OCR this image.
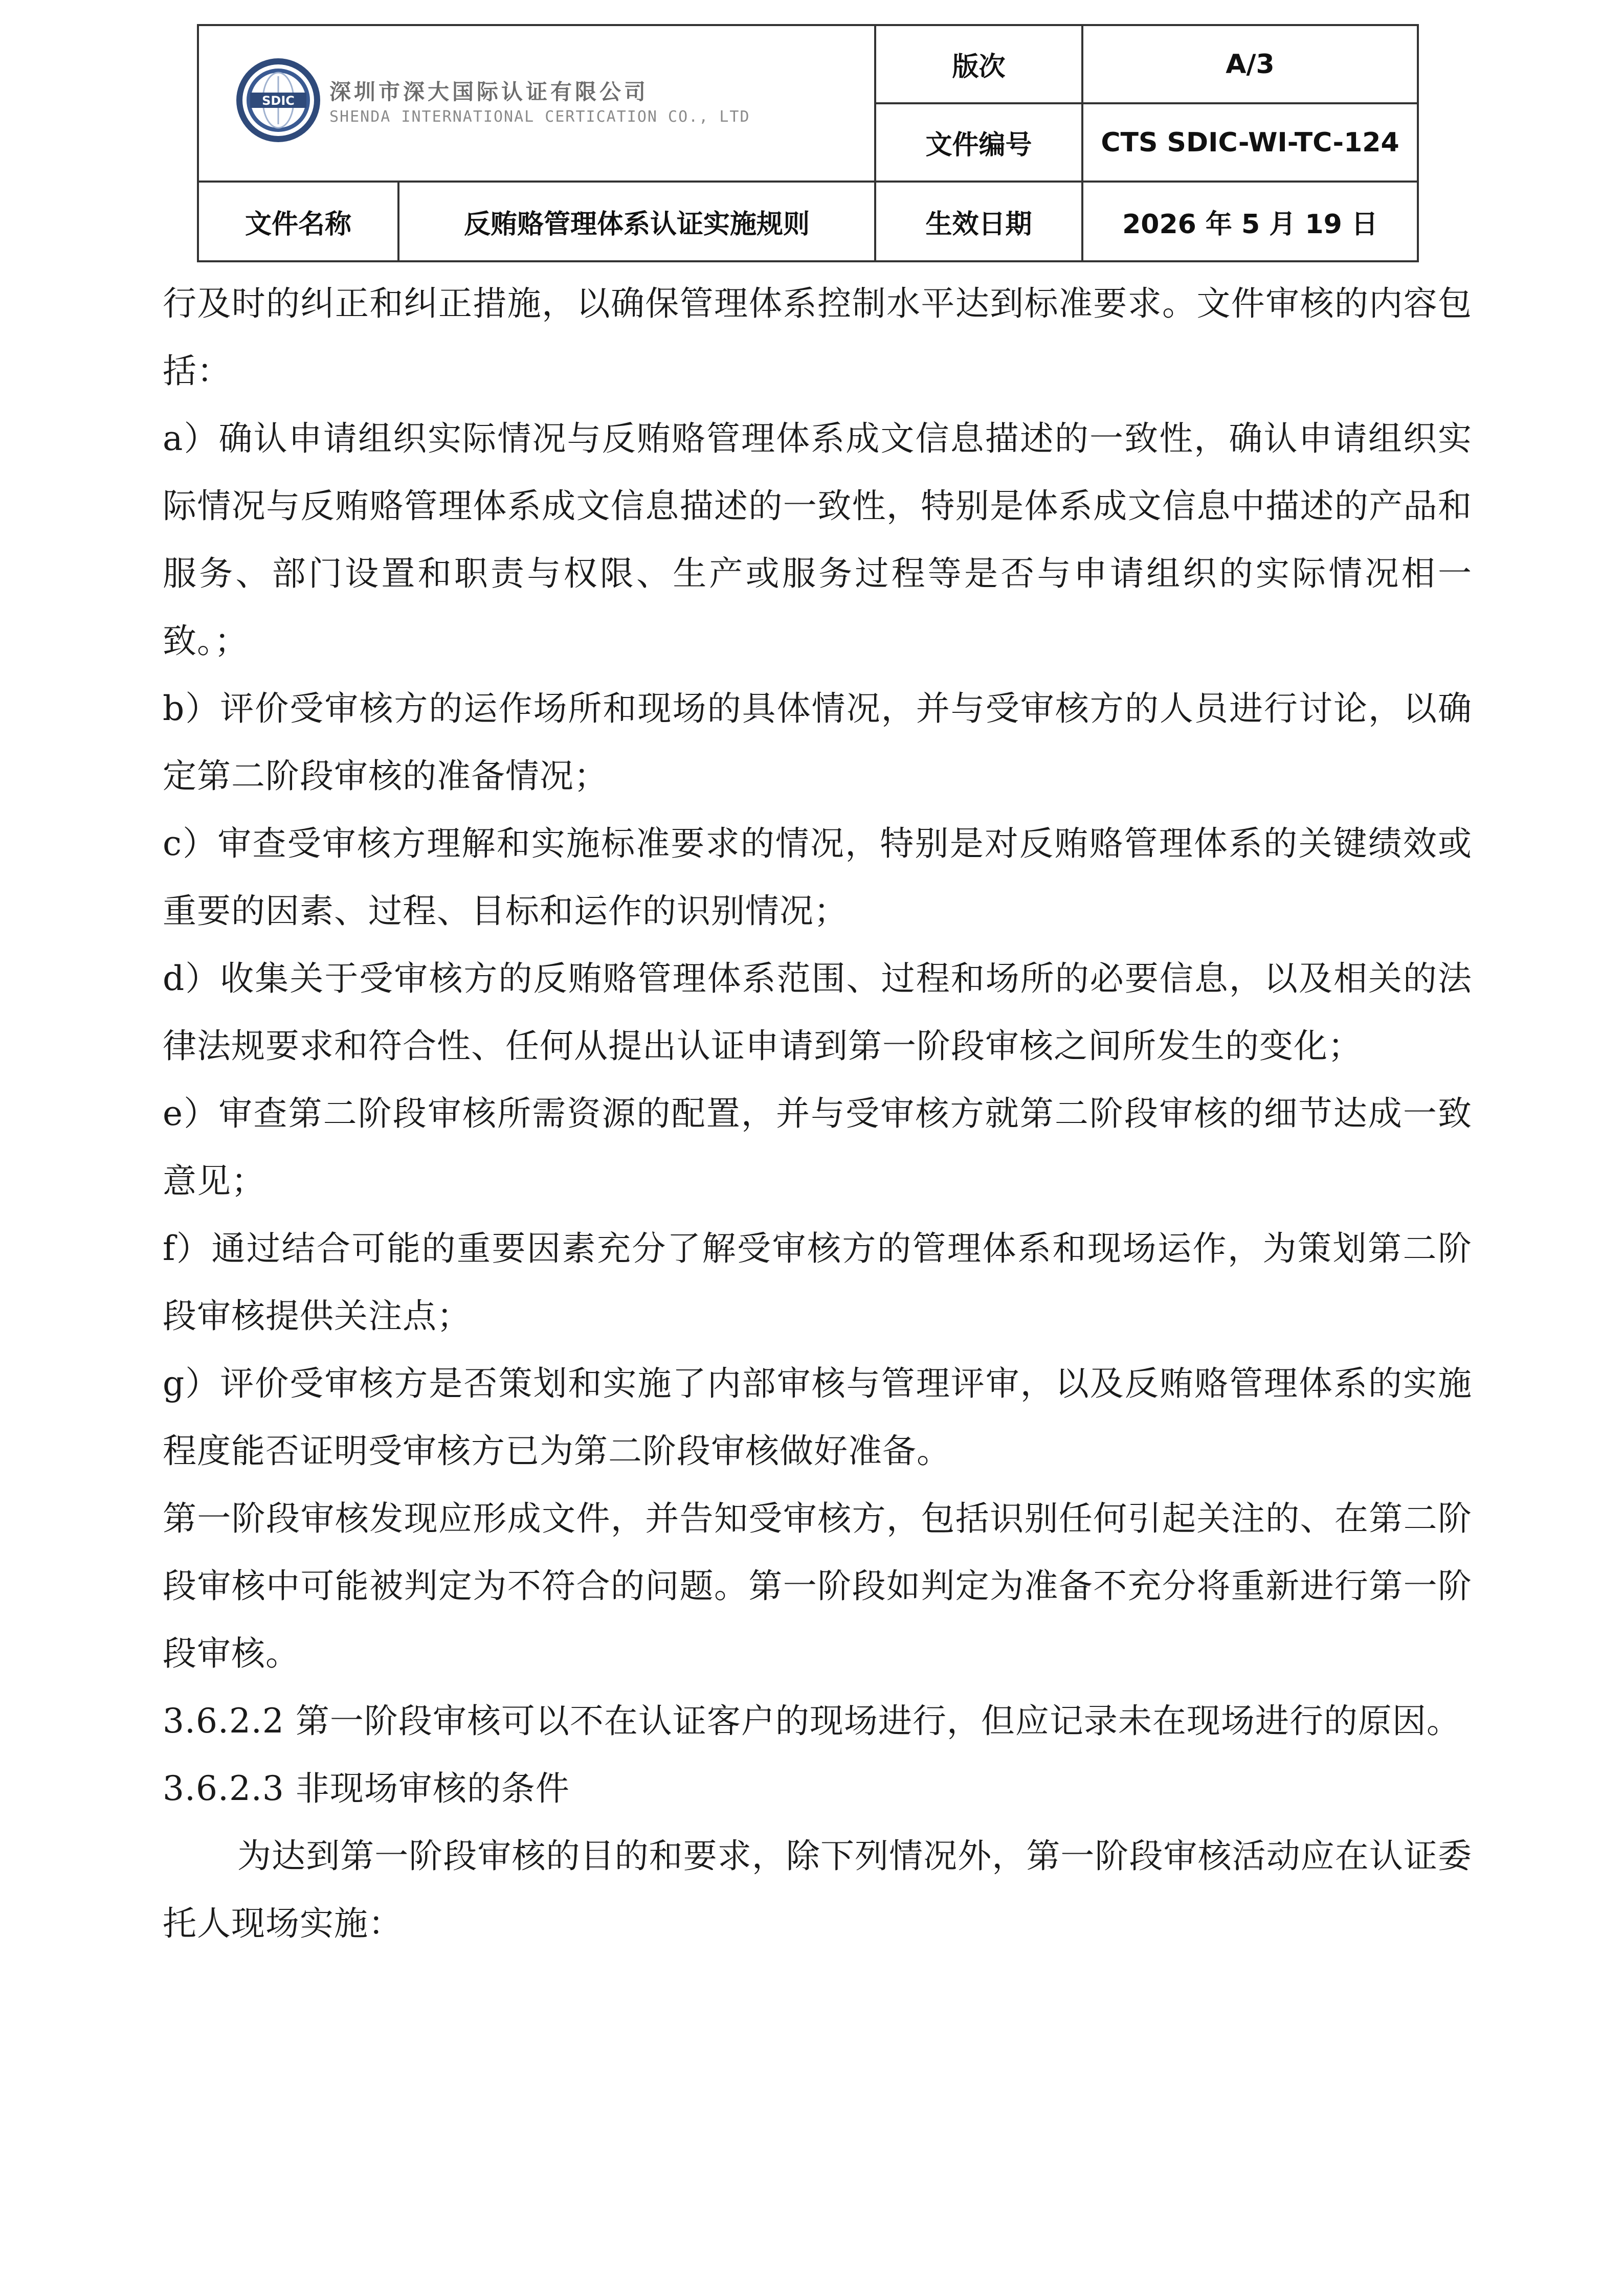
SDIC 深圳市深大国际认证有限公司
SHENDA INTERNATIONAL CERTICATION CO., LTD		版次	A/3
		文件编号	CTS SDIC-WI-TC-124
文件名称	反贿赂管理体系认证实施规则	生效日期	2026 年 5 月 19 日

行及时的纠正和纠正措施，以确保管理体系控制水平达到标准要求。文件审核的内容包括：

a）确认申请组织实际情况与反贿赂管理体系成文信息描述的一致性，确认申请组织实际情况与反贿赂管理体系成文信息描述的一致性，特别是体系成文信息中描述的产品和服务、部门设置和职责与权限、生产或服务过程等是否与申请组织的实际情况相一致。；

b）评价受审核方的运作场所和现场的具体情况，并与受审核方的人员进行讨论，以确定第二阶段审核的准备情况；

c）审查受审核方理解和实施标准要求的情况，特别是对反贿赂管理体系的关键绩效或重要的因素、过程、目标和运作的识别情况；

d）收集关于受审核方的反贿赂管理体系范围、过程和场所的必要信息，以及相关的法律法规要求和符合性、任何从提出认证申请到第一阶段审核之间所发生的变化；

e）审查第二阶段审核所需资源的配置，并与受审核方就第二阶段审核的细节达成一致意见；

f）通过结合可能的重要因素充分了解受审核方的管理体系和现场运作，为策划第二阶段审核提供关注点；

g）评价受审核方是否策划和实施了内部审核与管理评审，以及反贿赂管理体系的实施程度能否证明受审核方已为第二阶段审核做好准备。

第一阶段审核发现应形成文件，并告知受审核方，包括识别任何引起关注的、在第二阶段审核中可能被判定为不符合的问题。第一阶段如判定为准备不充分将重新进行第一阶段审核。

3.6.2.2 第一阶段审核可以不在认证客户的现场进行，但应记录未在现场进行的原因。

3.6.2.3 非现场审核的条件

为达到第一阶段审核的目的和要求，除下列情况外，第一阶段审核活动应在认证委托人现场实施：
